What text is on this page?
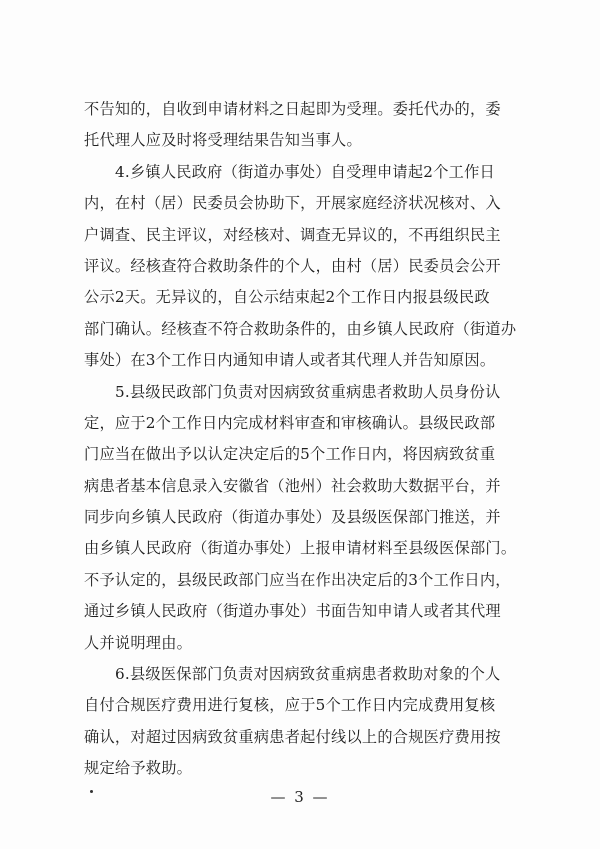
不告知的，自收到申请材料之日起即为受理。委托代办的，委
托代理人应及时将受理结果告知当事人。
4.乡镇人民政府（街道办事处）自受理申请起2个工作日
内，在村（居）民委员会协助下，开展家庭经济状况核对、入
户调查、民主评议，对经核对、调查无异议的，不再组织民主
评议。经核查符合救助条件的个人，由村（居）民委员会公开
公示2天。无异议的，自公示结束起2个工作日内报县级民政
部门确认。经核查不符合救助条件的，由乡镇人民政府（街道办
事处）在3个工作日内通知申请人或者其代理人并告知原因。
5.县级民政部门负责对因病致贫重病患者救助人员身份认
定，应于2个工作日内完成材料审查和审核确认。县级民政部
门应当在做出予以认定决定后的5个工作日内，将因病致贫重
病患者基本信息录入安徽省（池州）社会救助大数据平台，并
同步向乡镇人民政府（街道办事处）及县级医保部门推送，并
由乡镇人民政府（街道办事处）上报申请材料至县级医保部门。
不予认定的，县级民政部门应当在作出决定后的3个工作日内，
通过乡镇人民政府（街道办事处）书面告知申请人或者其代理
人并说明理由。
6.县级医保部门负责对因病致贫重病患者救助对象的个人
自付合规医疗费用进行复核，应于5个工作日内完成费用复核
确认，对超过因病致贫重病患者起付线以上的合规医疗费用按
规定给予救助。
— 3 —
